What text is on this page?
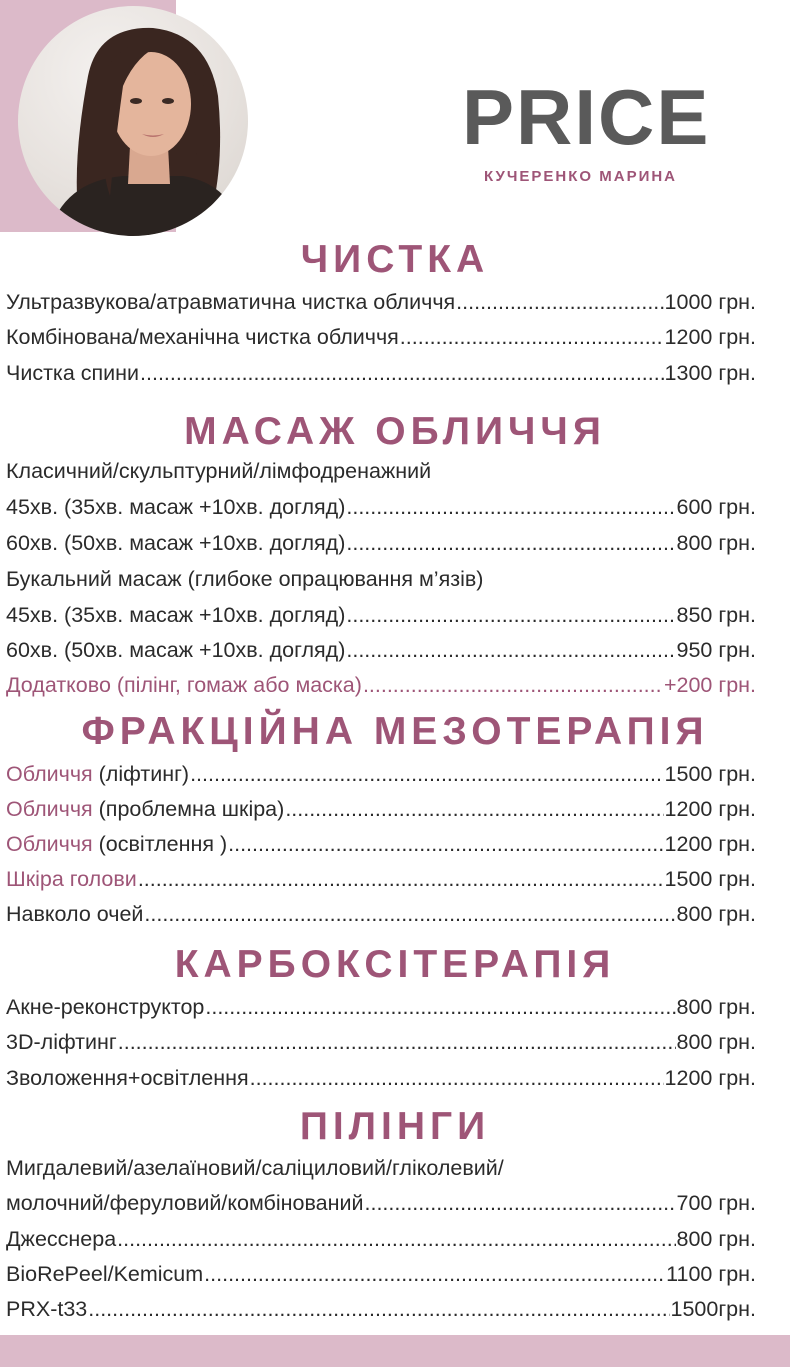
PRICE
КУЧЕРЕНКО МАРИНА
ЧИСТКА
Ультразвукова/атравматична чистка обличчя .....	1000 грн.
Комбінована/механічна чистка обличчя .....	1200 грн.
Чистка спини .....	1300 грн.
МАСАЖ ОБЛИЧЧЯ
Класичний/скульптурний/лімфодренажний
45хв. (35хв. масаж +10хв. догляд) .....	600 грн.
60хв. (50хв. масаж +10хв. догляд) .....	800 грн.
Букальний масаж (глибоке опрацювання м’язів)
45хв. (35хв. масаж +10хв. догляд) .....	850 грн.
60хв. (50хв. масаж +10хв. догляд) .....	950 грн.
Додатково (пілінг, гомаж або маска) .....	+200 грн.
ФРАКЦІЙНА МЕЗОТЕРАПІЯ
Обличчя (ліфтинг) .....	1500 грн.
Обличчя (проблемна шкіра) .....	1200 грн.
Обличчя (освітлення ) .....	1200 грн.
Шкіра голови .....	1500 грн.
Навколо очей .....	800 грн.
КАРБОКСІТЕРАПІЯ
Акне-реконструктор .....	800 грн.
3D-ліфтинг .....	800 грн.
Зволоження+освітлення .....	1200 грн.
ПІЛІНГИ
Мигдалевий/азелаїновий/саліциловий/гліколевий/
молочний/феруловий/комбінований .....	700 грн.
Джесснера .....	800 грн.
BioRePeel/Kemicum .....	1100 грн.
PRX-t33 .....	1500грн.
